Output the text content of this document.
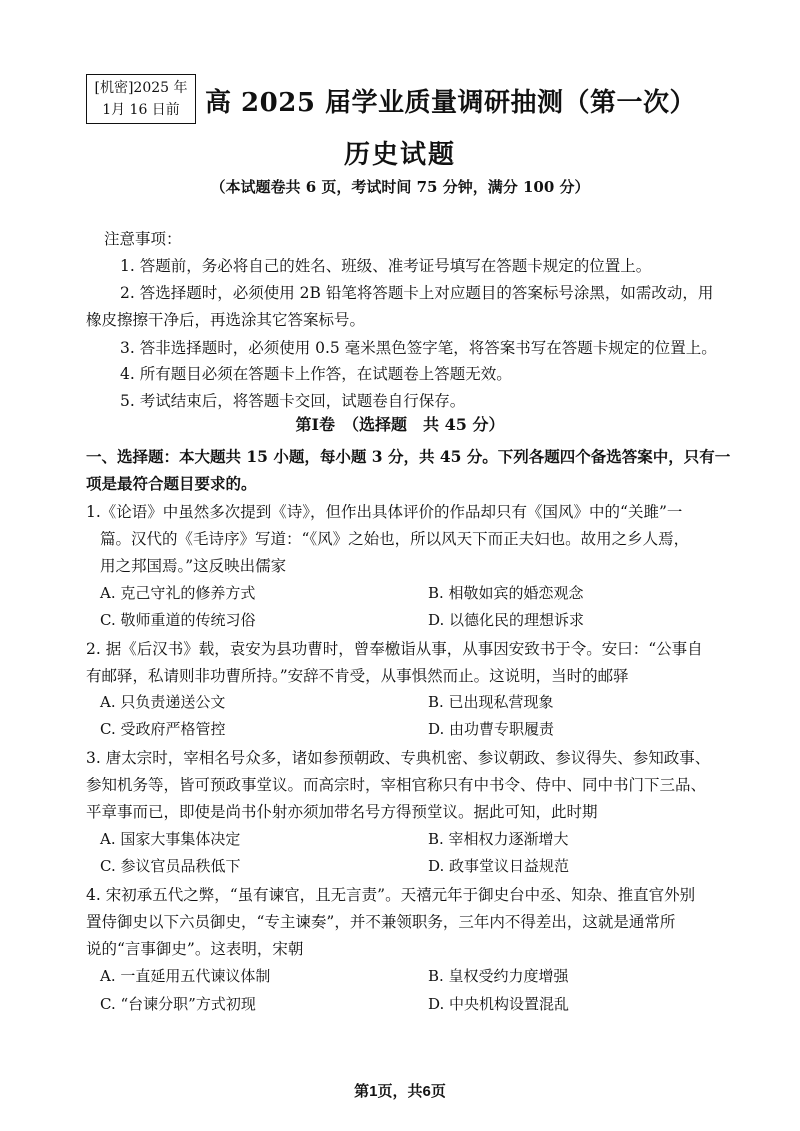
[机密]2025 年
1月 16 日前 高 2025 届学业质量调研抽测（第一次）
历史试题
（本试题卷共 6 页，考试时间 75 分钟，满分 100 分）
注意事项：
1. 答题前，务必将自己的姓名、班级、准考证号填写在答题卡规定的位置上。
2. 答选择题时，必须使用 2B 铅笔将答题卡上对应题目的答案标号涂黑，如需改动，用
橡皮擦擦干净后，再选涂其它答案标号。
3. 答非选择题时，必须使用 0.5 毫米黑色签字笔，将答案书写在答题卡规定的位置上。
4. 所有题目必须在答题卡上作答，在试题卷上答题无效。
5. 考试结束后，将答题卡交回，试题卷自行保存。
第Ⅰ卷　（选择题　共 45 分）
一、选择题：本大题共 15 小题，每小题 3 分，共 45 分。下列各题四个备选答案中，只有一
项是最符合题目要求的。
1.《论语》中虽然多次提到《诗》，但作出具体评价的作品却只有《国风》中的“关雎”一
篇。汉代的《毛诗序》写道：“《风》之始也，所以风天下而正夫妇也。故用之乡人焉，
用之邦国焉。”这反映出儒家
A. 克己守礼的修养方式	B. 相敬如宾的婚恋观念
C. 敬师重道的传统习俗	D. 以德化民的理想诉求
2. 据《后汉书》载，袁安为县功曹时，曾奉檄诣从事，从事因安致书于令。安曰：“公事自
有邮驿，私请则非功曹所持。”安辞不肯受，从事惧然而止。这说明，当时的邮驿
A. 只负责递送公文	B. 已出现私营现象
C. 受政府严格管控	D. 由功曹专职履责
3. 唐太宗时，宰相名号众多，诸如参预朝政、专典机密、参议朝政、参议得失、参知政事、
参知机务等，皆可预政事堂议。而高宗时，宰相官称只有中书令、侍中、同中书门下三品、
平章事而已，即使是尚书仆射亦须加带名号方得预堂议。据此可知，此时期
A. 国家大事集体决定	B. 宰相权力逐渐增大
C. 参议官员品秩低下	D. 政事堂议日益规范
4. 宋初承五代之弊，“虽有谏官，且无言责”。天禧元年于御史台中丞、知杂、推直官外别
置侍御史以下六员御史，“专主谏奏”，并不兼领职务，三年内不得差出，这就是通常所
说的“言事御史”。这表明，宋朝
A. 一直延用五代谏议体制	B. 皇权受约力度增强
C. “台谏分职”方式初现	D. 中央机构设置混乱
第1页，共6页
